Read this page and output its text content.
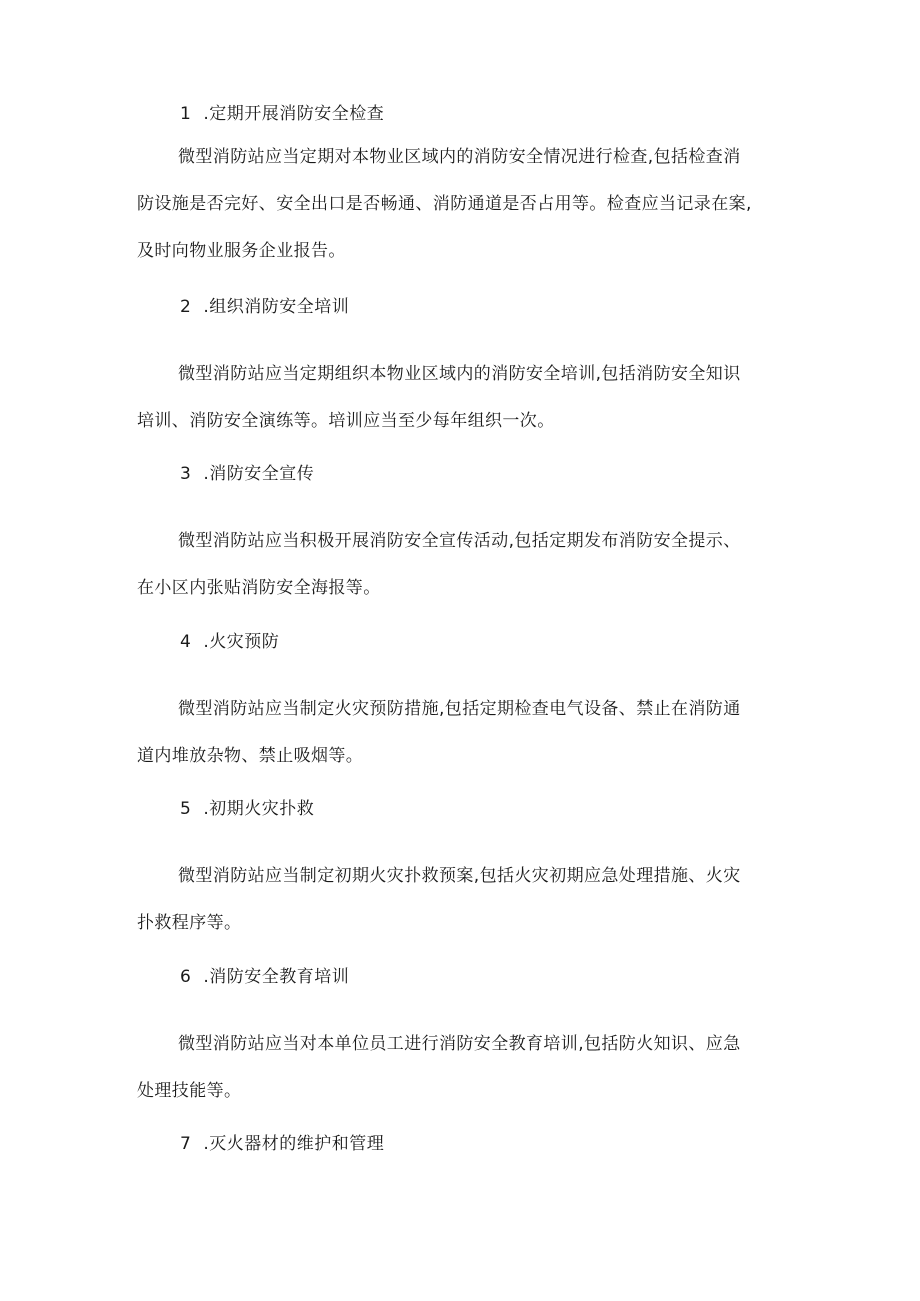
1 .定期开展消防安全检查
微型消防站应当定期对本物业区域内的消防安全情况进行检查,包括检查消
防设施是否完好、安全出口是否畅通、消防通道是否占用等。检查应当记录在案,
及时向物业服务企业报告。
2 .组织消防安全培训
微型消防站应当定期组织本物业区域内的消防安全培训,包括消防安全知识
培训、消防安全演练等。培训应当至少每年组织一次。
3 .消防安全宣传
微型消防站应当积极开展消防安全宣传活动,包括定期发布消防安全提示、
在小区内张贴消防安全海报等。
4 .火灾预防
微型消防站应当制定火灾预防措施,包括定期检查电气设备、禁止在消防通
道内堆放杂物、禁止吸烟等。
5 .初期火灾扑救
微型消防站应当制定初期火灾扑救预案,包括火灾初期应急处理措施、火灾
扑救程序等。
6 .消防安全教育培训
微型消防站应当对本单位员工进行消防安全教育培训,包括防火知识、应急
处理技能等。
7 .灭火器材的维护和管理
